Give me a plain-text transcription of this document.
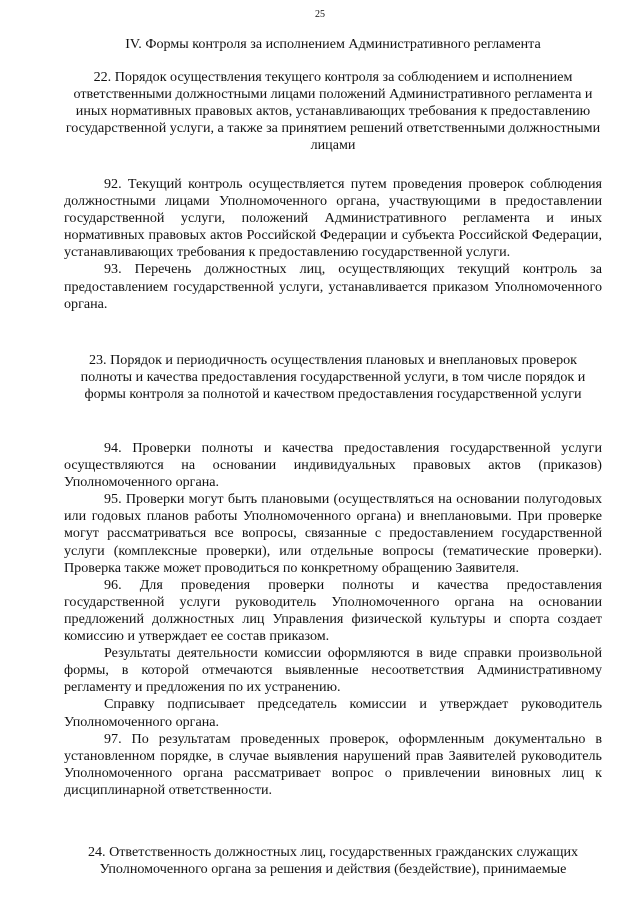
25
IV. Формы контроля за исполнением Административного регламента
22. Порядок осуществления текущего контроля за соблюдением и исполнением ответственными должностными лицами положений Административного регламента и иных нормативных правовых актов, устанавливающих требования к предоставлению государственной услуги, а также за принятием решений ответственными должностными лицами

92. Текущий контроль осуществляется путем проведения проверок соблюдения должностными лицами Уполномоченного органа, участвующими в предоставлении государственной услуги, положений Административного регламента и иных нормативных правовых актов Российской Федерации и субъекта Российской Федерации, устанавливающих требования к предоставлению государственной услуги.

93. Перечень должностных лиц, осуществляющих текущий контроль за предоставлением государственной услуги, устанавливается приказом Уполномоченного органа.

23. Порядок и периодичность осуществления плановых и внеплановых проверок полноты и качества предоставления государственной услуги, в том числе порядок и формы контроля за полнотой и качеством предоставления государственной услуги

94. Проверки полноты и качества предоставления государственной услуги осуществляются на основании индивидуальных правовых актов (приказов) Уполномоченного органа.

95. Проверки могут быть плановыми (осуществляться на основании полугодовых или годовых планов работы Уполномоченного органа) и внеплановыми. При проверке могут рассматриваться все вопросы, связанные с предоставлением государственной услуги (комплексные проверки), или отдельные вопросы (тематические проверки). Проверка также может проводиться по конкретному обращению Заявителя.

96. Для проведения проверки полноты и качества предоставления государственной услуги руководитель Уполномоченного органа на основании предложений должностных лиц Управления физической культуры и спорта создает комиссию и утверждает ее состав приказом.

Результаты деятельности комиссии оформляются в виде справки произвольной формы, в которой отмечаются выявленные несоответствия Административному регламенту и предложения по их устранению.

Справку подписывает председатель комиссии и утверждает руководитель Уполномоченного органа.

97. По результатам проведенных проверок, оформленным документально в установленном порядке, в случае выявления нарушений прав Заявителей руководитель Уполномоченного органа рассматривает вопрос о привлечении виновных лиц к дисциплинарной ответственности.

24. Ответственность должностных лиц, государственных гражданских служащих Уполномоченного органа за решения и действия (бездействие), принимаемые
